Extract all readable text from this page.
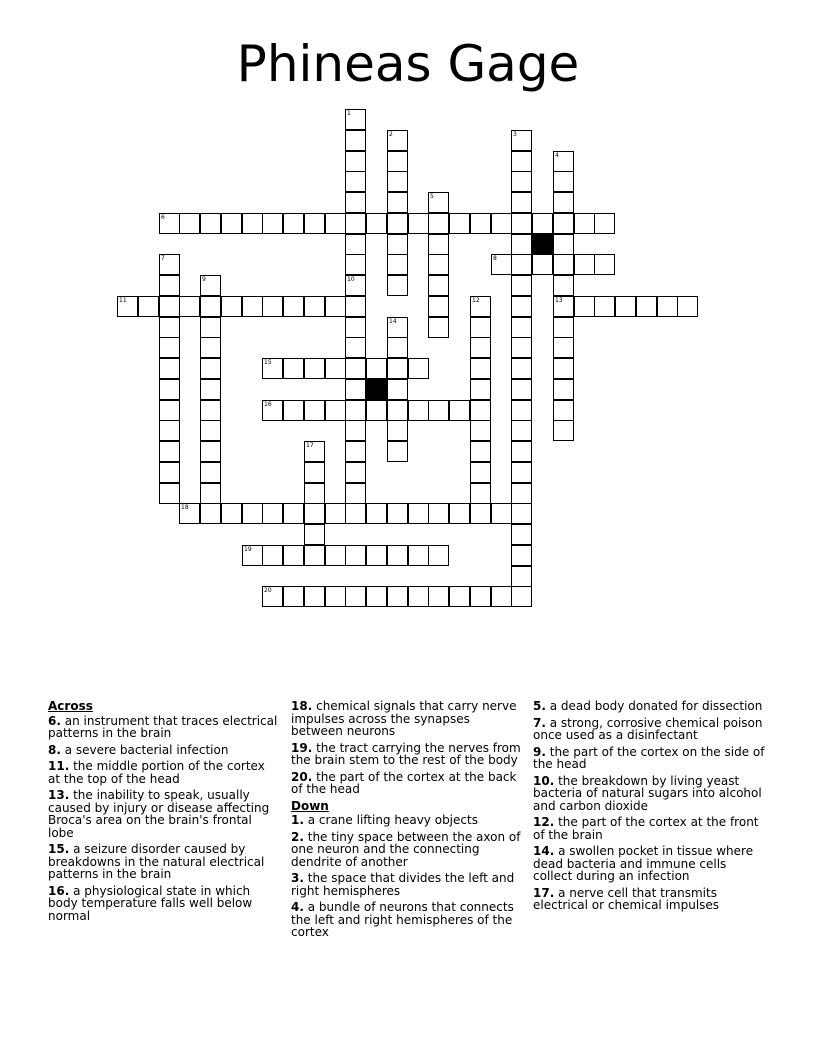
Phineas Gage
6
8
11	13
15
16
18
19
20
1
2	3
4
5
7
9	10
12
14
17
Across

6. an instrument that traces electrical patterns in the brain

8. a severe bacterial infection

11. the middle portion of the cortex at the top of the head

13. the inability to speak, usually caused by injury or disease affecting Broca's area on the brain's frontal lobe

15. a seizure disorder caused by breakdowns in the natural electrical patterns in the brain

16. a physiological state in which body temperature falls well below normal

18. chemical signals that carry nerve impulses across the synapses between neurons

19. the tract carrying the nerves from the brain stem to the rest of the body

20. the part of the cortex at the back of the head

Down

1. a crane lifting heavy objects

2. the tiny space between the axon of one neuron and the connecting dendrite of another

3. the space that divides the left and right hemispheres

4. a bundle of neurons that connects the left and right hemispheres of the cortex

5. a dead body donated for dissection

7. a strong, corrosive chemical poison once used as a disinfectant

9. the part of the cortex on the side of the head

10. the breakdown by living yeast bacteria of natural sugars into alcohol and carbon dioxide

12. the part of the cortex at the front of the brain

14. a swollen pocket in tissue where dead bacteria and immune cells collect during an infection

17. a nerve cell that transmits electrical or chemical impulses
